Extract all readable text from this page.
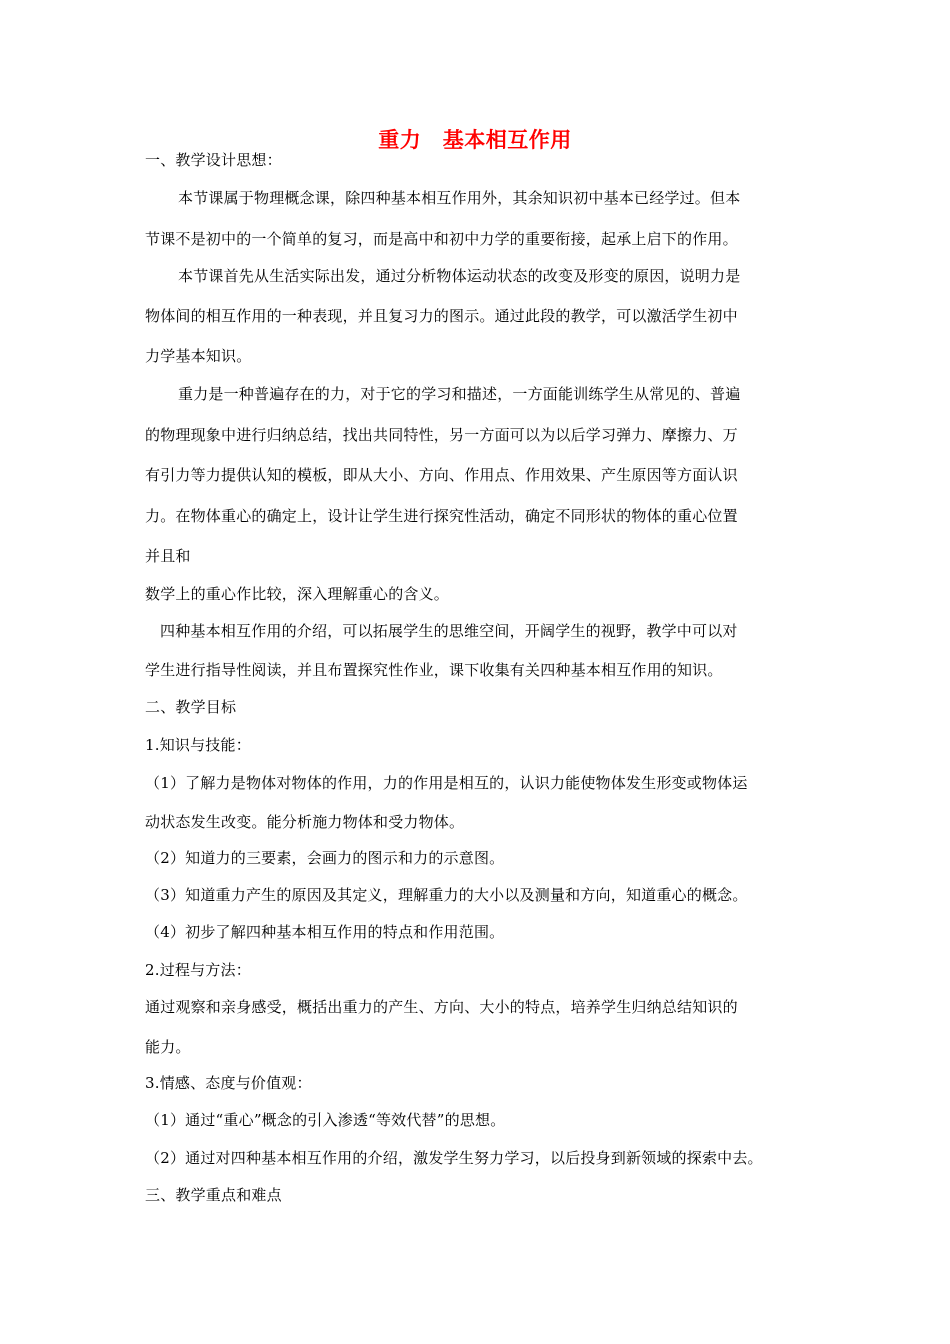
重力　基本相互作用
一、教学设计思想：
本节课属于物理概念课，除四种基本相互作用外，其余知识初中基本已经学过。但本
节课不是初中的一个简单的复习，而是高中和初中力学的重要衔接，起承上启下的作用。
本节课首先从生活实际出发，通过分析物体运动状态的改变及形变的原因，说明力是
物体间的相互作用的一种表现，并且复习力的图示。通过此段的教学，可以激活学生初中
力学基本知识。
重力是一种普遍存在的力，对于它的学习和描述，一方面能训练学生从常见的、普遍
的物理现象中进行归纳总结，找出共同特性，另一方面可以为以后学习弹力、摩擦力、万
有引力等力提供认知的模板，即从大小、方向、作用点、作用效果、产生原因等方面认识
力。在物体重心的确定上，设计让学生进行探究性活动，确定不同形状的物体的重心位置
并且和
数学上的重心作比较，深入理解重心的含义。
四种基本相互作用的介绍，可以拓展学生的思维空间，开阔学生的视野，教学中可以对
学生进行指导性阅读，并且布置探究性作业，课下收集有关四种基本相互作用的知识。
二、教学目标
1.知识与技能：
（1）了解力是物体对物体的作用，力的作用是相互的，认识力能使物体发生形变或物体运
动状态发生改变。能分析施力物体和受力物体。
（2）知道力的三要素，会画力的图示和力的示意图。
（3）知道重力产生的原因及其定义，理解重力的大小以及测量和方向，知道重心的概念。
（4）初步了解四种基本相互作用的特点和作用范围。
2.过程与方法：
通过观察和亲身感受，概括出重力的产生、方向、大小的特点，培养学生归纳总结知识的
能力。
3.情感、态度与价值观：
（1）通过“重心”概念的引入渗透“等效代替”的思想。
（2）通过对四种基本相互作用的介绍，激发学生努力学习，以后投身到新领域的探索中去。
三、教学重点和难点
